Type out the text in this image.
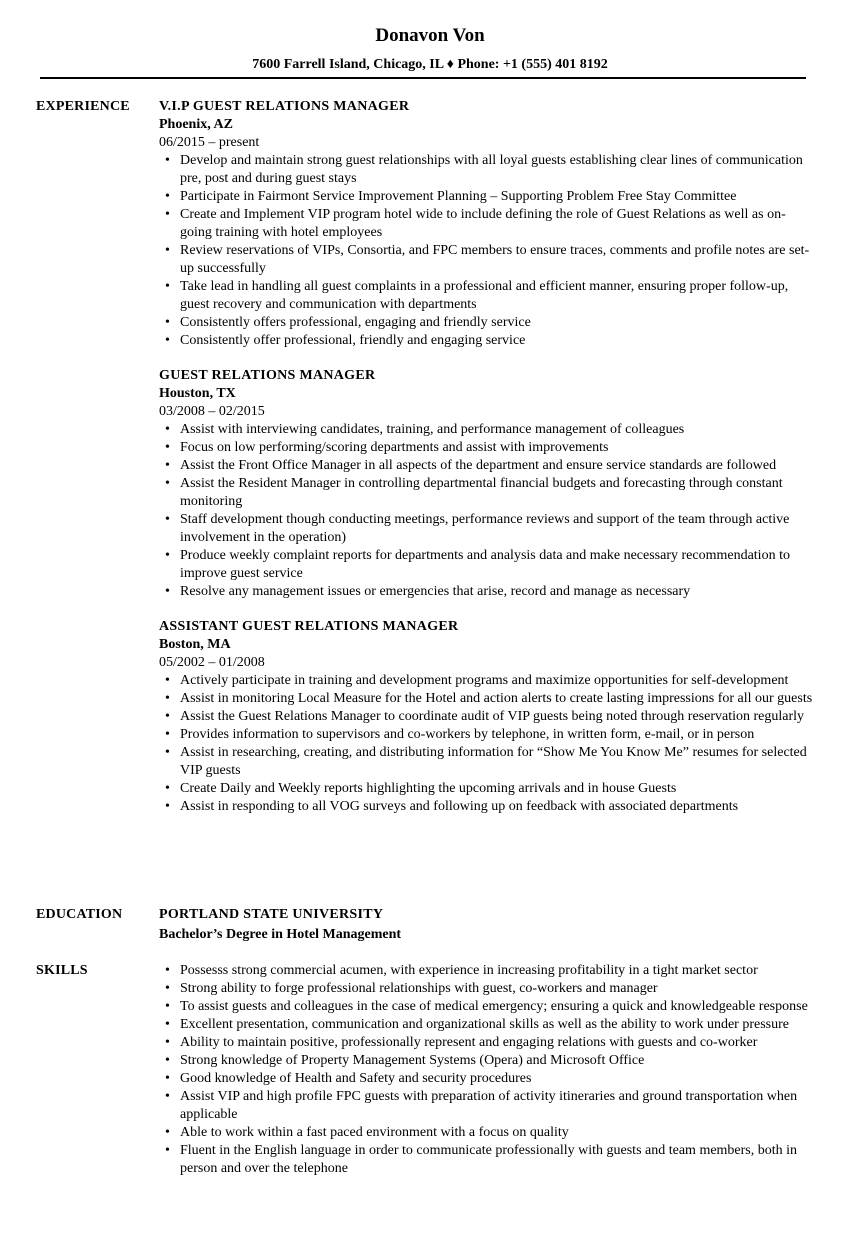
Donavon Von
7600 Farrell Island, Chicago, IL ♦ Phone: +1 (555) 401 8192
EXPERIENCE V.I.P GUEST RELATIONS MANAGER
Phoenix, AZ
06/2015 – present
• Develop and maintain strong guest relationships with all loyal guests establishing clear lines of communication pre, post and during guest stays
• Participate in Fairmont Service Improvement Planning – Supporting Problem Free Stay Committee
• Create and Implement VIP program hotel wide to include defining the role of Guest Relations as well as on-going training with hotel employees
• Review reservations of VIPs, Consortia, and FPC members to ensure traces, comments and profile notes are set-up successfully
• Take lead in handling all guest complaints in a professional and efficient manner, ensuring proper follow-up, guest recovery and communication with departments
• Consistently offers professional, engaging and friendly service
• Consistently offer professional, friendly and engaging service
GUEST RELATIONS MANAGER
Houston, TX
03/2008 – 02/2015
• Assist with interviewing candidates, training, and performance management of colleagues
• Focus on low performing/scoring departments and assist with improvements
• Assist the Front Office Manager in all aspects of the department and ensure service standards are followed
• Assist the Resident Manager in controlling departmental financial budgets and forecasting through constant monitoring
• Staff development though conducting meetings, performance reviews and support of the team through active involvement in the operation)
• Produce weekly complaint reports for departments and analysis data and make necessary recommendation to improve guest service
• Resolve any management issues or emergencies that arise, record and manage as necessary
ASSISTANT GUEST RELATIONS MANAGER
Boston, MA
05/2002 – 01/2008
• Actively participate in training and development programs and maximize opportunities for self-development
• Assist in monitoring Local Measure for the Hotel and action alerts to create lasting impressions for all our guests
• Assist the Guest Relations Manager to coordinate audit of VIP guests being noted through reservation regularly
• Provides information to supervisors and co-workers by telephone, in written form, e-mail, or in person
• Assist in researching, creating, and distributing information for “Show Me You Know Me” resumes for selected VIP guests
• Create Daily and Weekly reports highlighting the upcoming arrivals and in house Guests
• Assist in responding to all VOG surveys and following up on feedback with associated departments
EDUCATION	PORTLAND STATE UNIVERSITY
Bachelor’s Degree in Hotel Management
SKILLS
•	Possesss strong commercial acumen, with experience in increasing profitability in a tight market sector
• Strong ability to forge professional relationships with guest, co-workers and manager
• To assist guests and colleagues in the case of medical emergency; ensuring a quick and knowledgeable response
• Excellent presentation, communication and organizational skills as well as the ability to work under pressure
• Ability to maintain positive, professionally represent and engaging relations with guests and co-worker
• Strong knowledge of Property Management Systems (Opera) and Microsoft Office
• Good knowledge of Health and Safety and security procedures
• Assist VIP and high profile FPC guests with preparation of activity itineraries and ground transportation when applicable
• Able to work within a fast paced environment with a focus on quality
• Fluent in the English language in order to communicate professionally with guests and team members, both in person and over the telephone
